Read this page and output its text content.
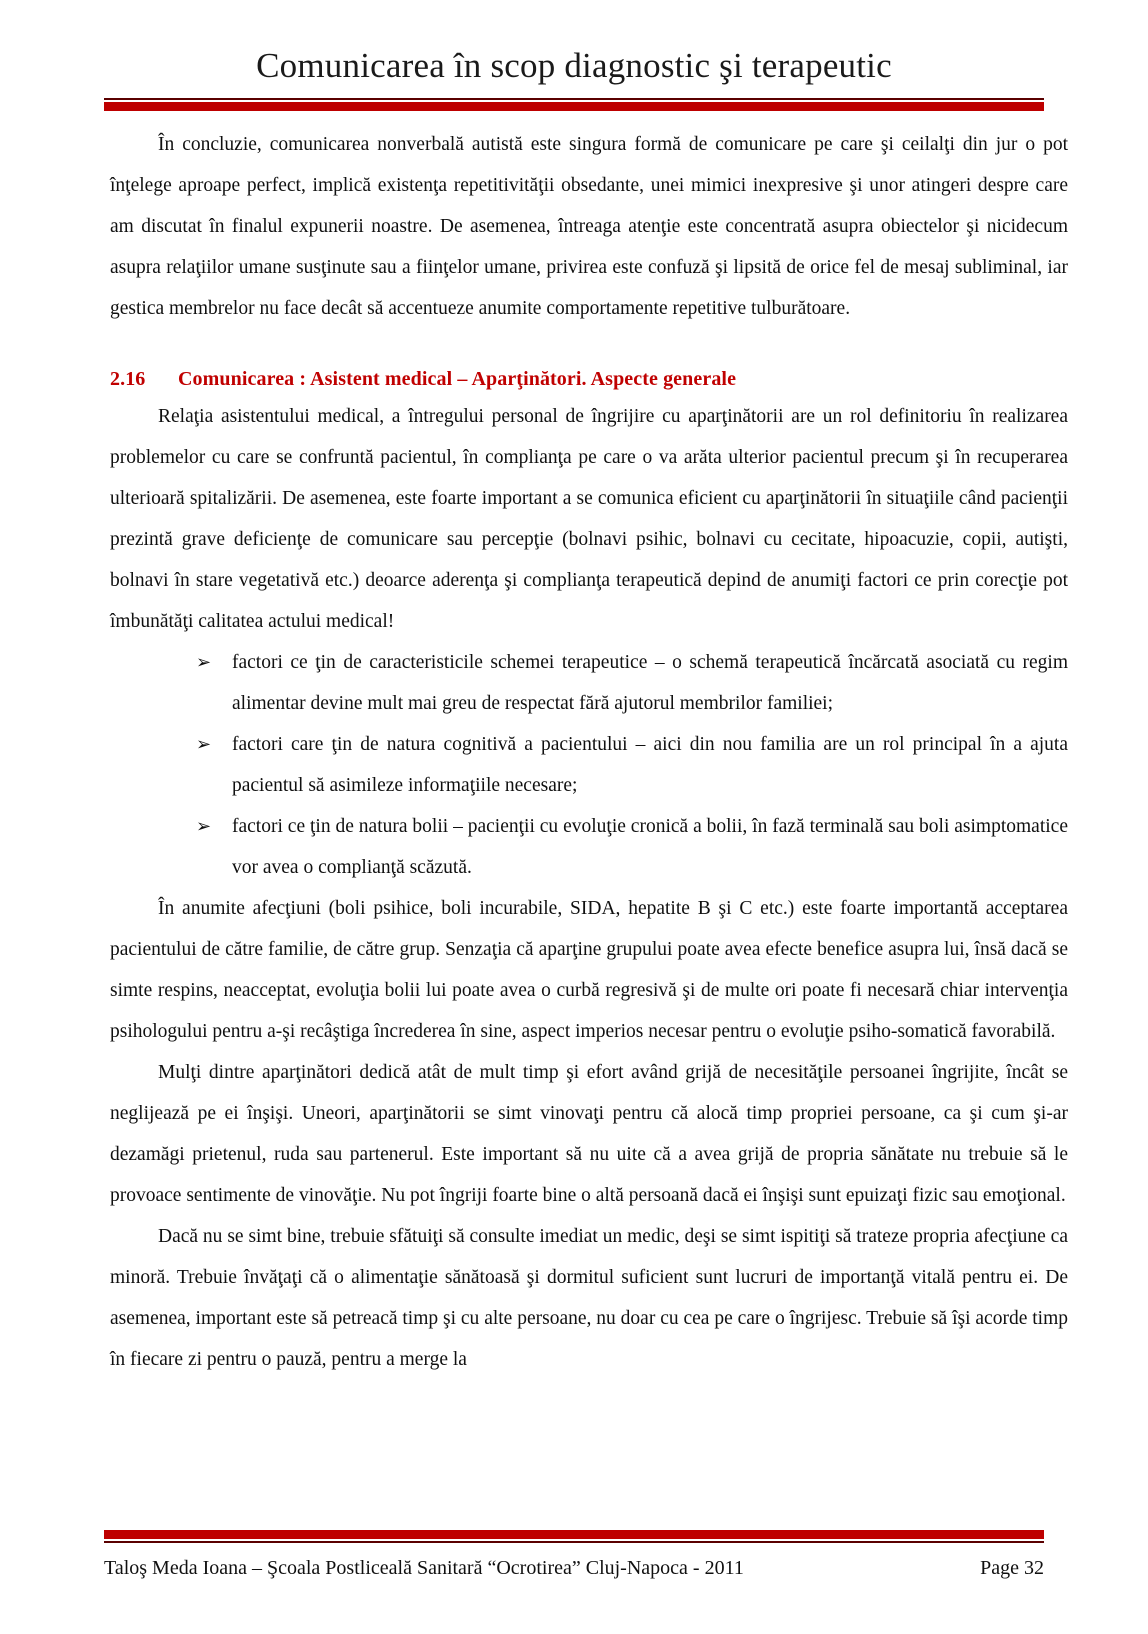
Comunicarea în scop diagnostic şi terapeutic

În concluzie, comunicarea nonverbală autistă este singura formă de comunicare pe care şi ceilalţi din jur o pot înţelege aproape perfect, implică existenţa repetitivităţii obsedante, unei mimici inexpresive şi unor atingeri despre care am discutat în finalul expunerii noastre. De asemenea, întreaga atenţie este concentrată asupra obiectelor şi nicidecum asupra relaţiilor umane susţinute sau a fiinţelor umane, privirea este confuză şi lipsită de orice fel de mesaj subliminal, iar gestica membrelor nu face decât să accentueze anumite comportamente repetitive tulburătoare.

2.16 Comunicarea : Asistent medical – Aparţinători. Aspecte generale

Relaţia asistentului medical, a întregului personal de îngrijire cu aparţinătorii are un rol definitoriu în realizarea problemelor cu care se confruntă pacientul, în complianţa pe care o va arăta ulterior pacientul precum şi în recuperarea ulterioară spitalizării. De asemenea, este foarte important a se comunica eficient cu aparţinătorii în situaţiile când pacienţii prezintă grave deficienţe de comunicare sau percepţie (bolnavi psihic, bolnavi cu cecitate, hipoacuzie, copii, autişti, bolnavi în stare vegetativă etc.) deoarce aderenţa şi complianţa terapeutică depind de anumiţi factori ce prin corecţie pot îmbunătăţi calitatea actului medical!

➢ factori ce ţin de caracteristicile schemei terapeutice – o schemă terapeutică încărcată asociată cu regim alimentar devine mult mai greu de respectat fără ajutorul membrilor familiei;
➢ factori care ţin de natura cognitivă a pacientului – aici din nou familia are un rol principal în a ajuta pacientul să asimileze informaţiile necesare;
➢ factori ce ţin de natura bolii – pacienţii cu evoluţie cronică a bolii, în fază terminală sau boli asimptomatice vor avea o complianţă scăzută.

În anumite afecţiuni (boli psihice, boli incurabile, SIDA, hepatite B şi C etc.) este foarte importantă acceptarea pacientului de către familie, de către grup. Senzaţia că aparţine grupului poate avea efecte benefice asupra lui, însă dacă se simte respins, neacceptat, evoluţia bolii lui poate avea o curbă regresivă şi de multe ori poate fi necesară chiar intervenţia psihologului pentru a-şi recâştiga încrederea în sine, aspect imperios necesar pentru o evoluţie psiho-somatică favorabilă.

Mulţi dintre aparţinători dedică atât de mult timp şi efort având grijă de necesităţile persoanei îngrijite, încât se neglijează pe ei înşişi. Uneori, aparţinătorii se simt vinovaţi pentru că alocă timp propriei persoane, ca şi cum şi-ar dezamăgi prietenul, ruda sau partenerul. Este important să nu uite că a avea grijă de propria sănătate nu trebuie să le provoace sentimente de vinovăţie. Nu pot îngriji foarte bine o altă persoană dacă ei înşişi sunt epuizaţi fizic sau emoţional.

Dacă nu se simt bine, trebuie sfătuiţi să consulte imediat un medic, deşi se simt ispitiţi să trateze propria afecţiune ca minoră. Trebuie învăţaţi că o alimentaţie sănătoasă şi dormitul suficient sunt lucruri de importanţă vitală pentru ei. De asemenea, important este să petreacă timp şi cu alte persoane, nu doar cu cea pe care o îngrijesc. Trebuie să îşi acorde timp în fiecare zi pentru o pauză, pentru a merge la

Taloş Meda Ioana – Şcoala Postliceală Sanitară “Ocrotirea” Cluj-Napoca - 2011	Page 32
